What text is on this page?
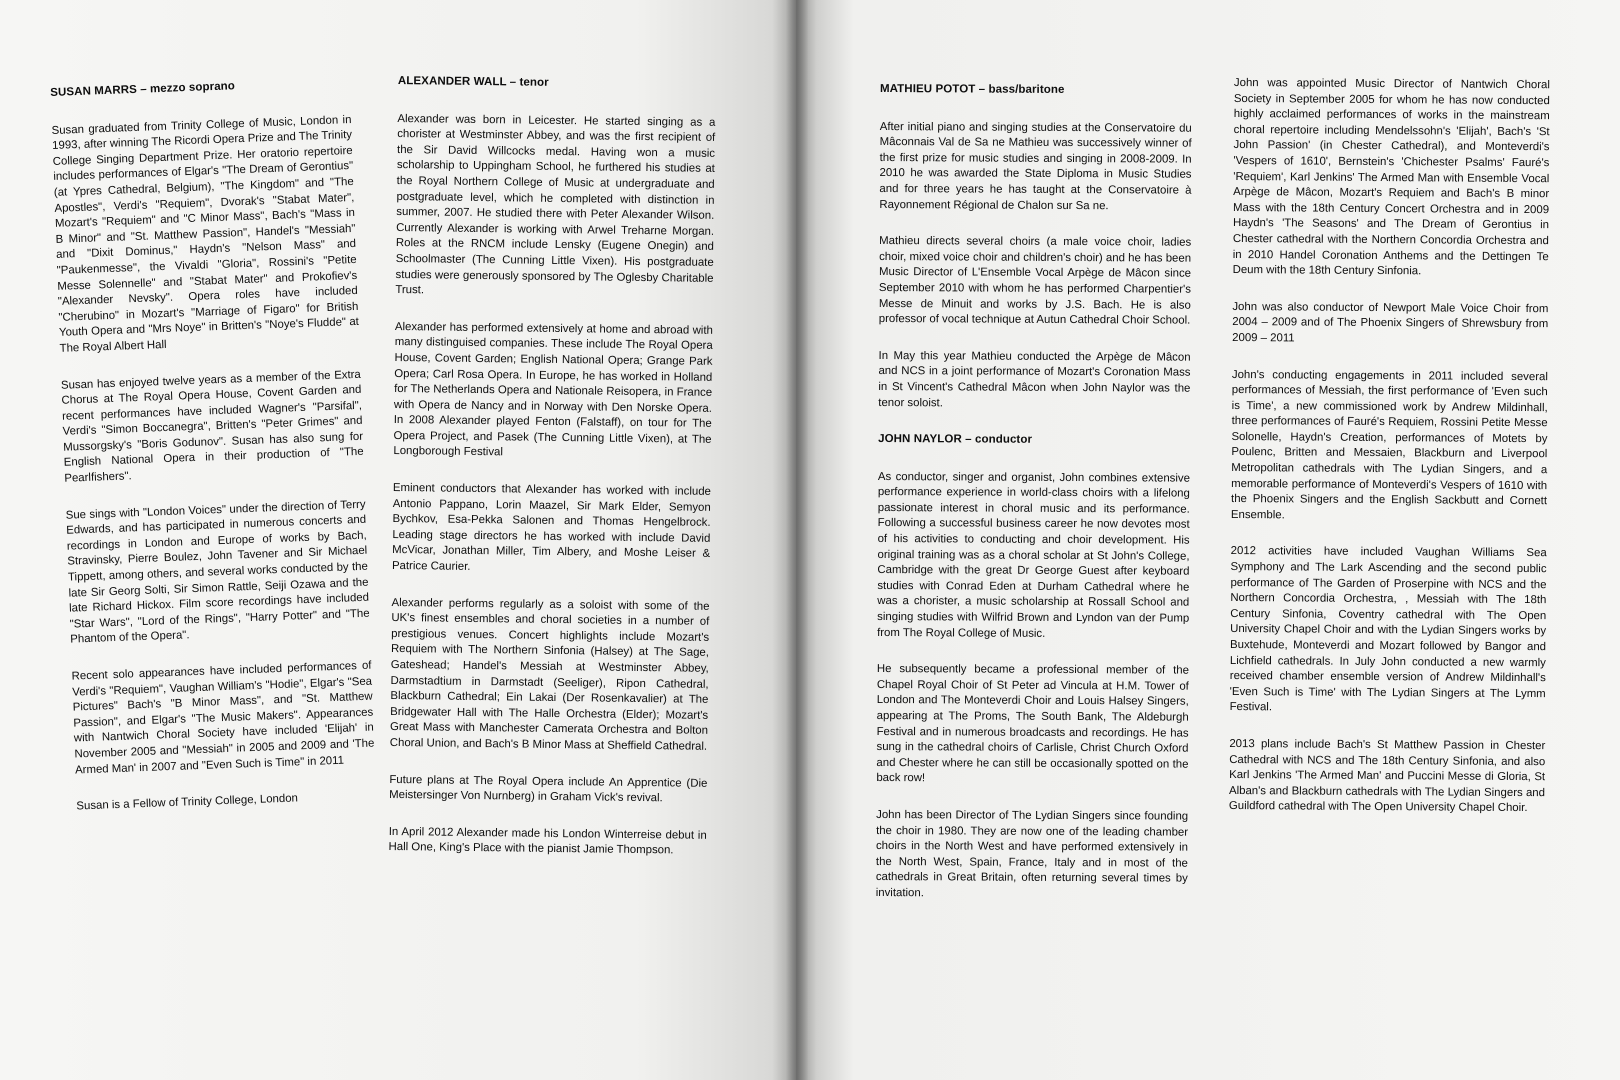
SUSAN MARRS – mezzo soprano

Susan graduated from Trinity College of Music, London in 1993, after winning The Ricordi Opera Prize and The Trinity College Singing Department Prize. Her oratorio repertoire includes performances of Elgar's "The Dream of Gerontius" (at Ypres Cathedral, Belgium), "The Kingdom" and "The Apostles", Verdi's "Requiem", Dvorak's "Stabat Mater", Mozart's "Requiem" and "C Minor Mass", Bach's "Mass in B Minor" and "St. Matthew Passion", Handel's "Messiah" and "Dixit Dominus," Haydn's "Nelson Mass" and "Paukenmesse", the Vivaldi "Gloria", Rossini's "Petite Messe Solennelle" and "Stabat Mater" and Prokofiev's "Alexander Nevsky". Opera roles have included "Cherubino" in Mozart's "Marriage of Figaro" for British Youth Opera and "Mrs Noye" in Britten's "Noye's Fludde" at The Royal Albert Hall

Susan has enjoyed twelve years as a member of the Extra Chorus at The Royal Opera House, Covent Garden and recent performances have included Wagner's "Parsifal", Verdi's "Simon Boccanegra", Britten's "Peter Grimes" and Mussorgsky's "Boris Godunov". Susan has also sung for English National Opera in their production of "The Pearlfishers".

Sue sings with "London Voices" under the direction of Terry Edwards, and has participated in numerous concerts and recordings in London and Europe of works by Bach, Stravinsky, Pierre Boulez, John Tavener and Sir Michael Tippett, among others, and several works conducted by the late Sir Georg Solti, Sir Simon Rattle, Seiji Ozawa and the late Richard Hickox. Film score recordings have included "Star Wars", "Lord of the Rings", "Harry Potter" and "The Phantom of the Opera".

Recent solo appearances have included performances of Verdi's "Requiem", Vaughan William's "Hodie", Elgar's "Sea Pictures" Bach's "B Minor Mass", and "St. Matthew Passion", and Elgar's "The Music Makers". Appearances with Nantwich Choral Society have included 'Elijah' in November 2005 and "Messiah" in 2005 and 2009 and 'The Armed Man' in 2007 and "Even Such is Time" in 2011

Susan is a Fellow of Trinity College, London

ALEXANDER WALL – tenor

Alexander was born in Leicester. He started singing as a chorister at Westminster Abbey, and was the first recipient of the Sir David Willcocks medal. Having won a music scholarship to Uppingham School, he furthered his studies at the Royal Northern College of Music at undergraduate and postgraduate level, which he completed with distinction in summer, 2007. He studied there with Peter Alexander Wilson. Currently Alexander is working with Arwel Treharne Morgan. Roles at the RNCM include Lensky (Eugene Onegin) and Schoolmaster (The Cunning Little Vixen). His postgraduate studies were generously sponsored by The Oglesby Charitable Trust.

Alexander has performed extensively at home and abroad with many distinguised companies. These include The Royal Opera House, Covent Garden; English National Opera; Grange Park Opera; Carl Rosa Opera. In Europe, he has worked in Holland for The Netherlands Opera and Nationale Reisopera, in France with Opera de Nancy and in Norway with Den Norske Opera. In 2008 Alexander played Fenton (Falstaff), on tour for The Opera Project, and Pasek (The Cunning Little Vixen), at The Longborough Festival

Eminent conductors that Alexander has worked with include Antonio Pappano, Lorin Maazel, Sir Mark Elder, Semyon Bychkov, Esa-Pekka Salonen and Thomas Hengelbrock. Leading stage directors he has worked with include David McVicar, Jonathan Miller, Tim Albery, and Moshe Leiser & Patrice Caurier.

Alexander performs regularly as a soloist with some of the UK's finest ensembles and choral societies in a number of prestigious venues. Concert highlights include Mozart's Requiem with The Northern Sinfonia (Halsey) at The Sage, Gateshead; Handel's Messiah at Westminster Abbey, Darmstadtium in Darmstadt (Seeliger), Ripon Cathedral, Blackburn Cathedral; Ein Lakai (Der Rosenkavalier) at The Bridgewater Hall with The Halle Orchestra (Elder); Mozart's Great Mass with Manchester Camerata Orchestra and Bolton Choral Union, and Bach's B Minor Mass at Sheffield Cathedral.

Future plans at The Royal Opera include An Apprentice (Die Meistersinger Von Nurnberg) in Graham Vick's revival.

In April 2012 Alexander made his London Winterreise debut in Hall One, King's Place with the pianist Jamie Thompson.

MATHIEU POTOT – bass/baritone

After initial piano and singing studies at the Conservatoire du Mâconnais Val de Sa ne Mathieu was successively winner of the first prize for music studies and singing in 2008-2009. In 2010 he was awarded the State Diploma in Music Studies and for three years he has taught at the Conservatoire à Rayonnement Régional de Chalon sur Sa ne.

Mathieu directs several choirs (a male voice choir, ladies choir, mixed voice choir and children's choir) and he has been Music Director of L'Ensemble Vocal Arpège de Mâcon since September 2010 with whom he has performed Charpentier's Messe de Minuit and works by J.S. Bach. He is also professor of vocal technique at Autun Cathedral Choir School.

In May this year Mathieu conducted the Arpège de Mâcon and NCS in a joint performance of Mozart's Coronation Mass in St Vincent's Cathedral Mâcon when John Naylor was the tenor soloist.

JOHN NAYLOR – conductor

As conductor, singer and organist, John combines extensive performance experience in world-class choirs with a lifelong passionate interest in choral music and its performance. Following a successful business career he now devotes most of his activities to conducting and choir development. His original training was as a choral scholar at St John's College, Cambridge with the great Dr George Guest after keyboard studies with Conrad Eden at Durham Cathedral where he was a chorister, a music scholarship at Rossall School and singing studies with Wilfrid Brown and Lyndon van der Pump from The Royal College of Music.

He subsequently became a professional member of the Chapel Royal Choir of St Peter ad Vincula at H.M. Tower of London and The Monteverdi Choir and Louis Halsey Singers, appearing at The Proms, The South Bank, The Aldeburgh Festival and in numerous broadcasts and recordings. He has sung in the cathedral choirs of Carlisle, Christ Church Oxford and Chester where he can still be occasionally spotted on the back row!

John has been Director of The Lydian Singers since founding the choir in 1980. They are now one of the leading chamber choirs in the North West and have performed extensively in the North West, Spain, France, Italy and in most of the cathedrals in Great Britain, often returning several times by invitation.

John was appointed Music Director of Nantwich Choral Society in September 2005 for whom he has now conducted highly acclaimed performances of works in the mainstream choral repertoire including Mendelssohn's 'Elijah', Bach's 'St John Passion' (in Chester Cathedral), and Monteverdi's 'Vespers of 1610', Bernstein's 'Chichester Psalms' Fauré's 'Requiem', Karl Jenkins' The Armed Man with Ensemble Vocal Arpège de Mâcon, Mozart's Requiem and Bach's B minor Mass with the 18th Century Concert Orchestra and in 2009 Haydn's 'The Seasons' and The Dream of Gerontius in Chester cathedral with the Northern Concordia Orchestra and in 2010 Handel Coronation Anthems and the Dettingen Te Deum with the 18th Century Sinfonia.

John was also conductor of Newport Male Voice Choir from 2004 – 2009 and of The Phoenix Singers of Shrewsbury from 2009 – 2011

John's conducting engagements in 2011 included several performances of Messiah, the first performance of 'Even such is Time', a new commissioned work by Andrew Mildinhall, three performances of Fauré's Requiem, Rossini Petite Messe Solonelle, Haydn's Creation, performances of Motets by Poulenc, Britten and Messaien, Blackburn and Liverpool Metropolitan cathedrals with The Lydian Singers, and a memorable performance of Monteverdi's Vespers of 1610 with the Phoenix Singers and the English Sackbutt and Cornett Ensemble.

2012 activities have included Vaughan Williams Sea Symphony and The Lark Ascending and the second public performance of The Garden of Proserpine with NCS and the Northern Concordia Orchestra, , Messiah with The 18th Century Sinfonia, Coventry cathedral with The Open University Chapel Choir and with the Lydian Singers works by Buxtehude, Monteverdi and Mozart followed by Bangor and Lichfield cathedrals. In July John conducted a new warmly received chamber ensemble version of Andrew Mildinhall's 'Even Such is Time' with The Lydian Singers at The Lymm Festival.

2013 plans include Bach's St Matthew Passion in Chester Cathedral with NCS and The 18th Century Sinfonia, and also Karl Jenkins 'The Armed Man' and Puccini Messe di Gloria, St Alban's and Blackburn cathedrals with The Lydian Singers and Guildford cathedral with The Open University Chapel Choir.
